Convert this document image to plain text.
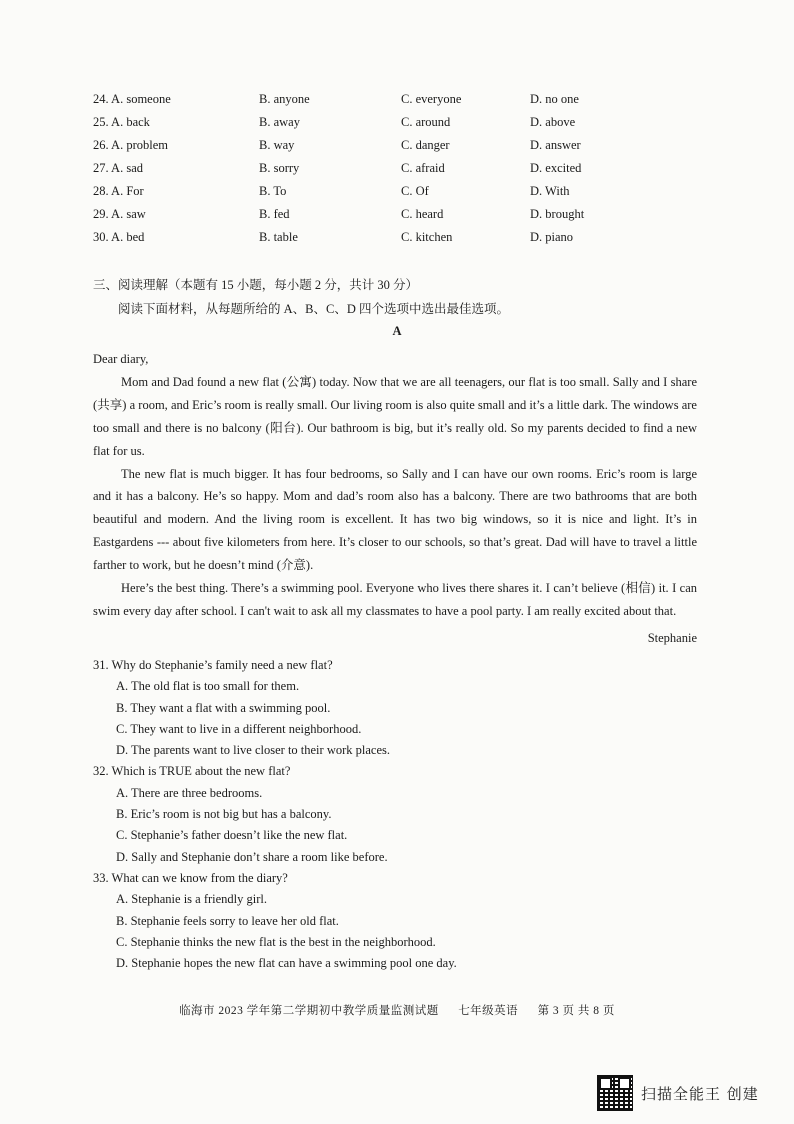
24. A. someone	B. anyone	C. everyone	D. no one
25. A. back	B. away	C. around	D. above
26. A. problem	B. way	C. danger	D. answer
27. A. sad	B. sorry	C. afraid	D. excited
28. A. For	B. To	C. Of	D. With
29. A. saw	B. fed	C. heard	D. brought
30. A. bed	B. table	C. kitchen	D. piano
三、阅读理解（本题有 15 小题，每小题 2 分，共计 30 分）
阅读下面材料，从每题所给的 A、B、C、D 四个选项中选出最佳选项。
A

Dear diary,

Mom and Dad found a new flat (公寓) today. Now that we are all teenagers, our flat is too small. Sally and I share (共享) a room, and Eric’s room is really small. Our living room is also quite small and it’s a little dark. The windows are too small and there is no balcony (阳台). Our bathroom is big, but it’s really old. So my parents decided to find a new flat for us.

The new flat is much bigger. It has four bedrooms, so Sally and I can have our own rooms. Eric’s room is large and it has a balcony. He’s so happy. Mom and dad’s room also has a balcony. There are two bathrooms that are both beautiful and modern. And the living room is excellent. It has two big windows, so it is nice and light. It’s in Eastgardens --- about five kilometers from here. It’s closer to our schools, so that’s great. Dad will have to travel a little farther to work, but he doesn’t mind (介意).

Here’s the best thing. There’s a swimming pool. Everyone who lives there shares it. I can’t believe (相信) it. I can swim every day after school. I can't wait to ask all my classmates to have a pool party. I am really excited about that.

Stephanie
31. Why do Stephanie’s family need a new flat?
A. The old flat is too small for them.
B. They want a flat with a swimming pool.
C. They want to live in a different neighborhood.
D. The parents want to live closer to their work places.
32. Which is TRUE about the new flat?
A. There are three bedrooms.
B. Eric’s room is not big but has a balcony.
C. Stephanie’s father doesn’t like the new flat.
D. Sally and Stephanie don’t share a room like before.
33. What can we know from the diary?
A. Stephanie is a friendly girl.
B. Stephanie feels sorry to leave her old flat.
C. Stephanie thinks the new flat is the best in the neighborhood.
D. Stephanie hopes the new flat can have a swimming pool one day.
临海市 2023 学年第二学期初中教学质量监测试题 七年级英语 第 3 页 共 8 页
扫描全能王 创建
